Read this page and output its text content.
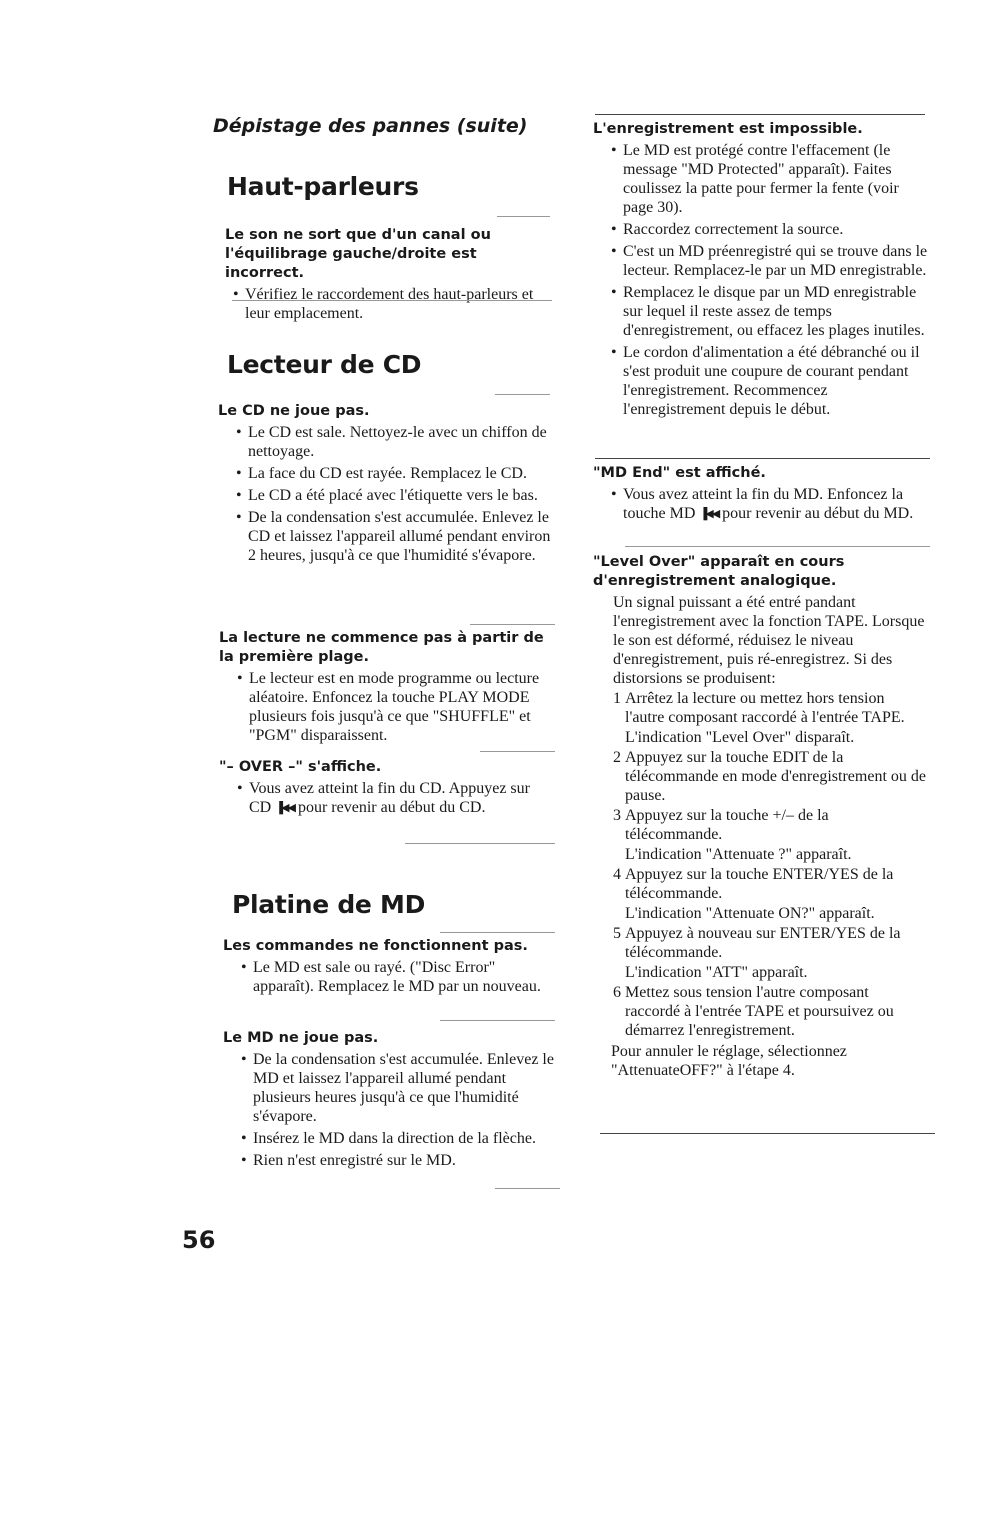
Dépistage des pannes (suite)
Haut-parleurs
Le son ne sort que d'un canal ou l'équilibrage gauche/droite est incorrect.
• Vérifiez le raccordement des haut-parleurs et leur emplacement.
Lecteur de CD
Le CD ne joue pas.
• Le CD est sale. Nettoyez-le avec un chiffon de nettoyage.
• La face du CD est rayée. Remplacez le CD.
• Le CD a été placé avec l'étiquette vers le bas.
• De la condensation s'est accumulée. Enlevez le CD et laissez l'appareil allumé pendant environ 2 heures, jusqu'à ce que l'humidité s'évapore.
La lecture ne commence pas à partir de la première plage.
• Le lecteur est en mode programme ou lecture aléatoire. Enfoncez la touche PLAY MODE plusieurs fois jusqu'à ce que "SHUFFLE" et "PGM" disparaissent.
"– OVER –" s'affiche.
• Vous avez atteint la fin du CD. Appuyez sur CD ▐◀◀ pour revenir au début du CD.
Platine de MD
Les commandes ne fonctionnent pas.
• Le MD est sale ou rayé. ("Disc Error" apparaît). Remplacez le MD par un nouveau.
Le MD ne joue pas.
• De la condensation s'est accumulée. Enlevez le MD et laissez l'appareil allumé pendant plusieurs heures jusqu'à ce que l'humidité s'évapore.
• Insérez le MD dans la direction de la flèche.
• Rien n'est enregistré sur le MD.
L'enregistrement est impossible.
• Le MD est protégé contre l'effacement (le message "MD Protected" apparaît). Faites coulissez la patte pour fermer la fente (voir page 30).
• Raccordez correctement la source.
• C'est un MD préenregistré qui se trouve dans le lecteur. Remplacez-le par un MD enregistrable.
• Remplacez le disque par un MD enregistrable sur lequel il reste assez de temps d'enregistrement, ou effacez les plages inutiles.
• Le cordon d'alimentation a été débranché ou il s'est produit une coupure de courant pendant l'enregistrement. Recommencez l'enregistrement depuis le début.
"MD End" est affiché.
• Vous avez atteint la fin du MD. Enfoncez la touche MD ▐◀◀ pour revenir au début du MD.
"Level Over" apparaît en cours d'enregistrement analogique.

Un signal puissant a été entré pandant l'enregistrement avec la fonction TAPE. Lorsque le son est déformé, réduisez le niveau d'enregistrement, puis ré-enregistrez. Si des distorsions se produisent:

1 Arrêtez la lecture ou mettez hors tension l'autre composant raccordé à l'entrée TAPE.
L'indication "Level Over" disparaît.
2 Appuyez sur la touche EDIT de la télécommande en mode d'enregistrement ou de pause.
3 Appuyez sur la touche +/– de la télécommande.
L'indication "Attenuate ?" apparaît.
4 Appuyez sur la touche ENTER/YES de la télécommande.
L'indication "Attenuate ON?" apparaît.
5 Appuyez à nouveau sur ENTER/YES de la télécommande.
L'indication "ATT" apparaît.
6 Mettez sous tension l'autre composant raccordé à l'entrée TAPE et poursuivez ou démarrez l'enregistrement.

Pour annuler le réglage, sélectionnez "AttenuateOFF?" à l'étape 4.

56
